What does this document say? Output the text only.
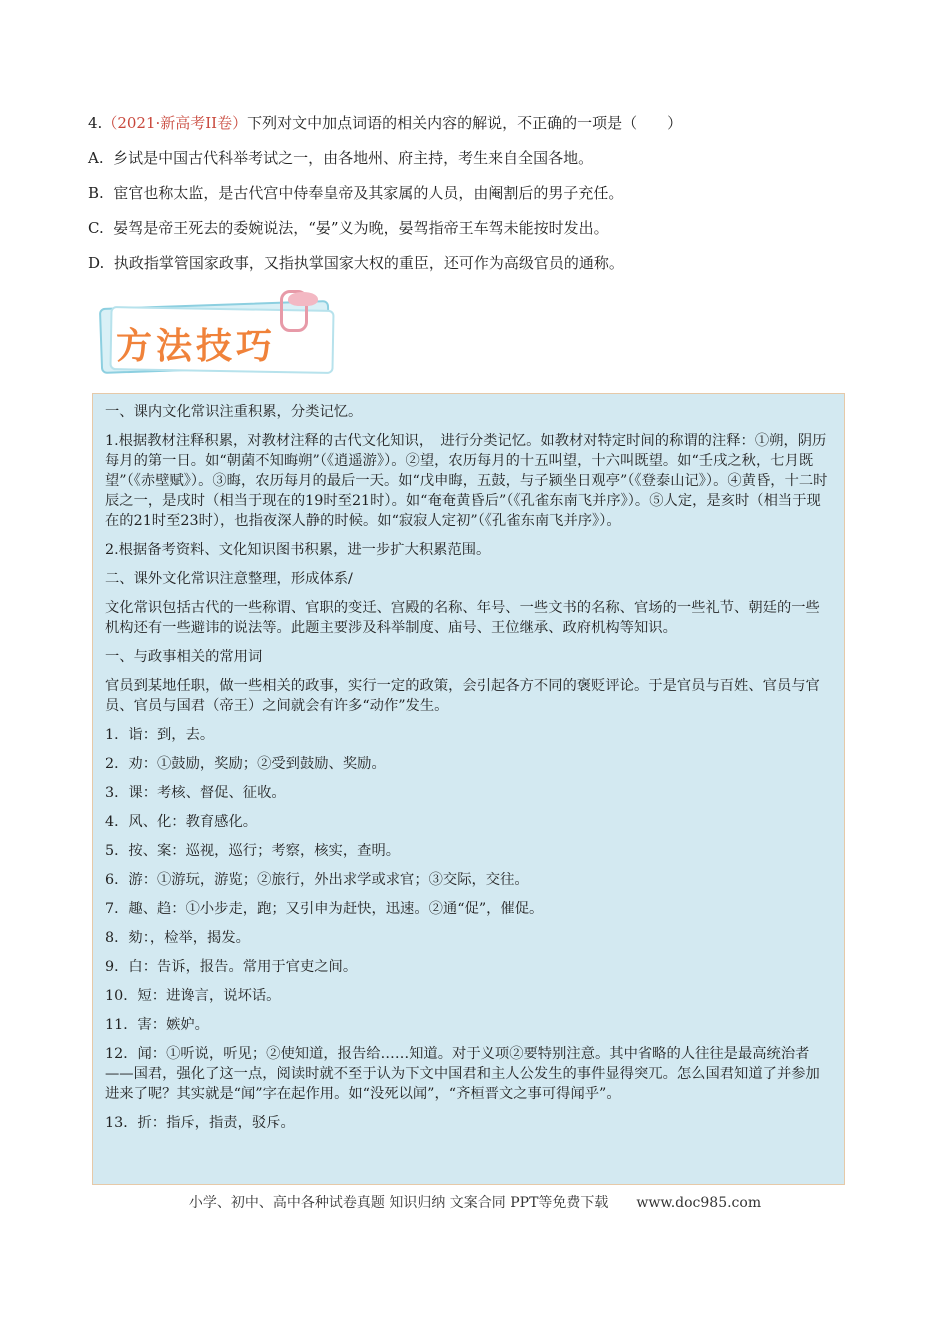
4.（2021·新高考II卷）下列对文中加点词语的相关内容的解说，不正确的一项是（　　）

A. 乡试是中国古代科举考试之一，由各地州、府主持，考生来自全国各地。

B. 宦官也称太监，是古代宫中侍奉皇帝及其家属的人员，由阉割后的男子充任。

C. 晏驾是帝王死去的委婉说法，“晏”义为晚，晏驾指帝王车驾未能按时发出。

D. 执政指掌管国家政事，又指执掌国家大权的重臣，还可作为高级官员的通称。

方法技巧

一、课内文化常识注重积累，分类记忆。

1.根据教材注释积累，对教材注释的古代文化知识，　进行分类记忆。如教材对特定时间的称谓的注释：①朔，阴历每月的第一日。如“朝菌不知晦朔”（《逍遥游》）。②望，农历每月的十五叫望，十六叫既望。如“壬戌之秋，七月既望”（《赤壁赋》）。③晦，农历每月的最后一天。如“戊申晦，五鼓，与子颍坐日观亭”（《登泰山记》）。④黄昏，十二时辰之一，是戌时（相当于现在的19时至21时）。如“奄奄黄昏后”（《孔雀东南飞并序》）。⑤人定，是亥时（相当于现在的21时至23时），也指夜深人静的时候。如“寂寂人定初”（《孔雀东南飞并序》）。

2.根据备考资料、文化知识图书积累，进一步扩大积累范围。

二、课外文化常识注意整理，形成体系/

文化常识包括古代的一些称谓、官职的变迁、宫殿的名称、年号、一些文书的名称、官场的一些礼节、朝廷的一些机构还有一些避讳的说法等。此题主要涉及科举制度、庙号、王位继承、政府机构等知识。

一、与政事相关的常用词

官员到某地任职，做一些相关的政事，实行一定的政策，会引起各方不同的褒贬评论。于是官员与百姓、官员与官员、官员与国君（帝王）之间就会有许多“动作”发生。

1．诣：到，去。

2．劝：①鼓励，奖励；②受到鼓励、奖励。

3．课：考核、督促、征收。

4．风、化：教育感化。

5．按、案：巡视，巡行；考察，核实，查明。

6．游：①游玩，游览；②旅行，外出求学或求官；③交际，交往。

7．趣、趋：①小步走，跑；又引申为赶快，迅速。②通“促”，催促。

8．劾：，检举，揭发。

9．白：告诉，报告。常用于官吏之间。

10．短：进谗言，说坏话。

11．害：嫉妒。

12．闻：①听说，听见；②使知道，报告给……知道。对于义项②要特别注意。其中省略的人往往是最高统治者——国君，强化了这一点，阅读时就不至于认为下文中国君和主人公发生的事件显得突兀。怎么国君知道了并参加进来了呢？其实就是“闻”字在起作用。如“没死以闻”，“齐桓晋文之事可得闻乎”。

13．折：指斥，指责，驳斥。

小学、初中、高中各种试卷真题 知识归纳 文案合同 PPT等免费下载　　www.doc985.com
